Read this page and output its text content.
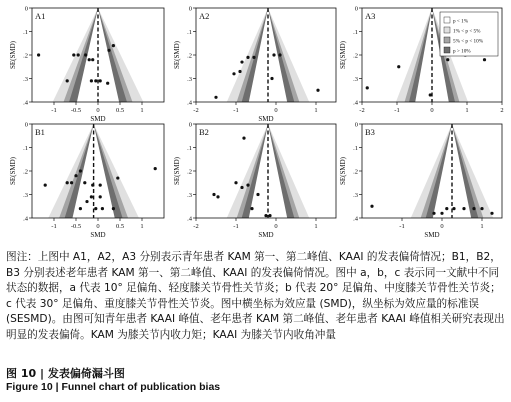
0
.1
.2
.3
.4
-1 -0.5 0	0.5	1
SMD
SE(SMD)
A1
0
.1
.2
.3
.4
-2	-1	0	1
SMD
SE(SMD)
A2
0
.1
.2
.3
.4
-2	-1	0	1	2
SE(SMD)
A3
p < 1%
1% < p < 5%
5% < p < 10%
p > 10%
0
.1
.2
.3
.4
-1 -0.5 0	0.5	1
SMD
SE(SMD)
B1
0
.1
.2
.3
.4
-2	-1	0	1
SMD
SE(SMD)
B2
0
.1
.2
.3
.4
-1	0	1
SMD
SE(SMD)
B3
图注：上图中 A1，A2，A3 分别表示青年患者 KAM 第一、第二峰值、KAAI 的发表偏倚情况；B1，B2，B3 分别表述老年患者 KAM 第一、第二峰值、KAAI 的发表偏倚情况。图中 a，b，c 表示同一文献中不同状态的数据，a 代表 10° 足偏角、轻度膝关节骨性关节炎；b 代表 20° 足偏角、中度膝关节骨性关节炎；c 代表 30° 足偏角、重度膝关节骨性关节炎。图中横坐标为效应量 (SMD)，纵坐标为效应量的标准误 (SESMD)。由图可知青年患者 KAAI 峰值、老年患者 KAM 第二峰值、老年患者 KAAI 峰值相关研究表现出明显的发表偏倚。KAM 为膝关节内收力矩；KAAI 为膝关节内收角冲量
图 10 | 发表偏倚漏斗图
Figure 10 | Funnel chart of publication bias
